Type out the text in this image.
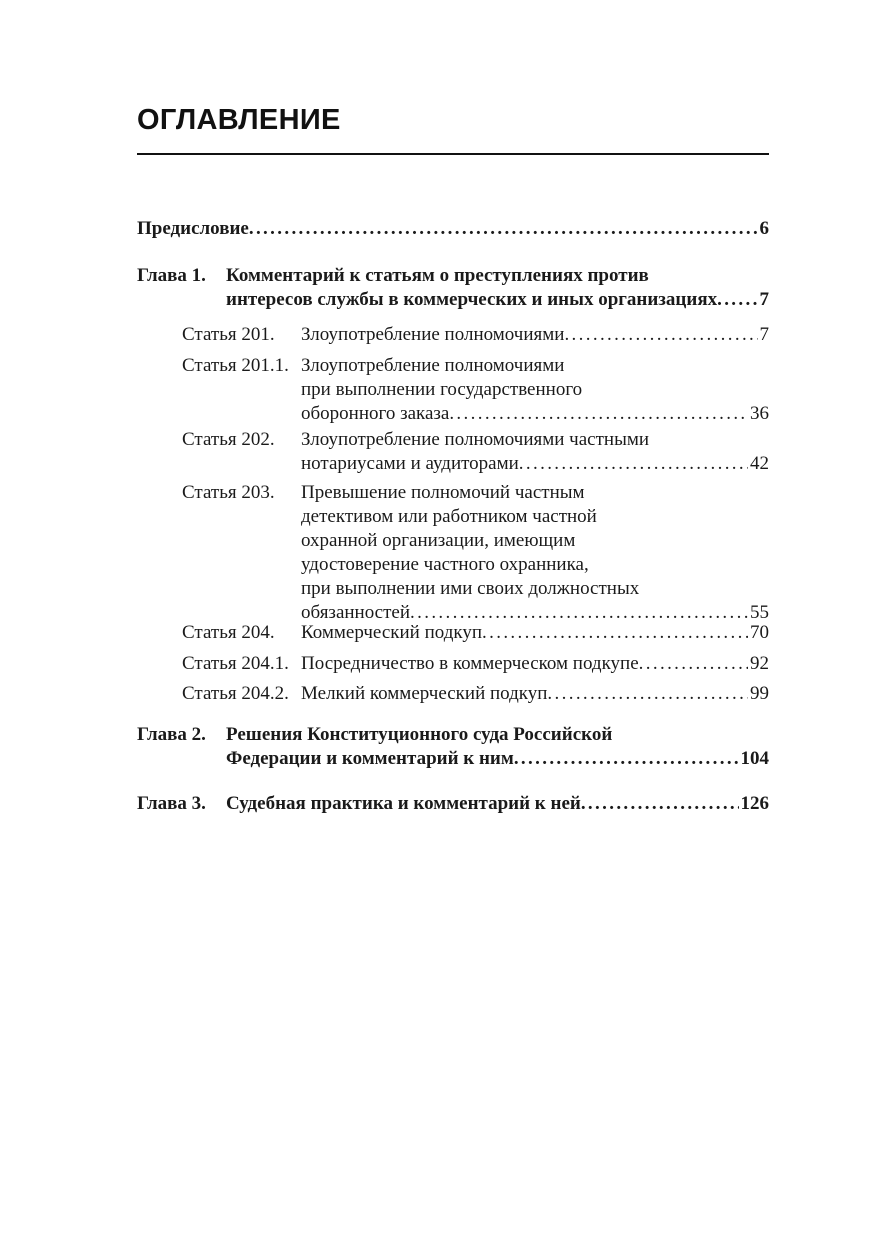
ОГЛАВЛЕНИЕ
Предисловие . . .	6
Глава 1. Комментарий к статьям о преступлениях против
интересов службы в коммерческих и иных организациях . . . 7
Статья 201. Злоупотребление полномочиями . . .	7
Статья 201.1. Злоупотребление полномочиями
при выполнении государственного
оборонного заказа . . .	36
Статья 202. Злоупотребление полномочиями частными
нотариусами и аудиторами . . .	42
Статья 203. Превышение полномочий частным
детективом или работником частной
охранной организации, имеющим
удостоверение частного охранника,
при выполнении ими своих должностных
обязанностей . . .	55
Статья 204. Коммерческий подкуп . . .	70
Статья 204.1. Посредничество в коммерческом подкупе . . .	92
Статья 204.2. Мелкий коммерческий подкуп . . .	99
Глава 2. Решения Конституционного суда Российской
Федерации и комментарий к ним . . .	104
Глава 3. Судебная практика и комментарий к ней . . .	126
